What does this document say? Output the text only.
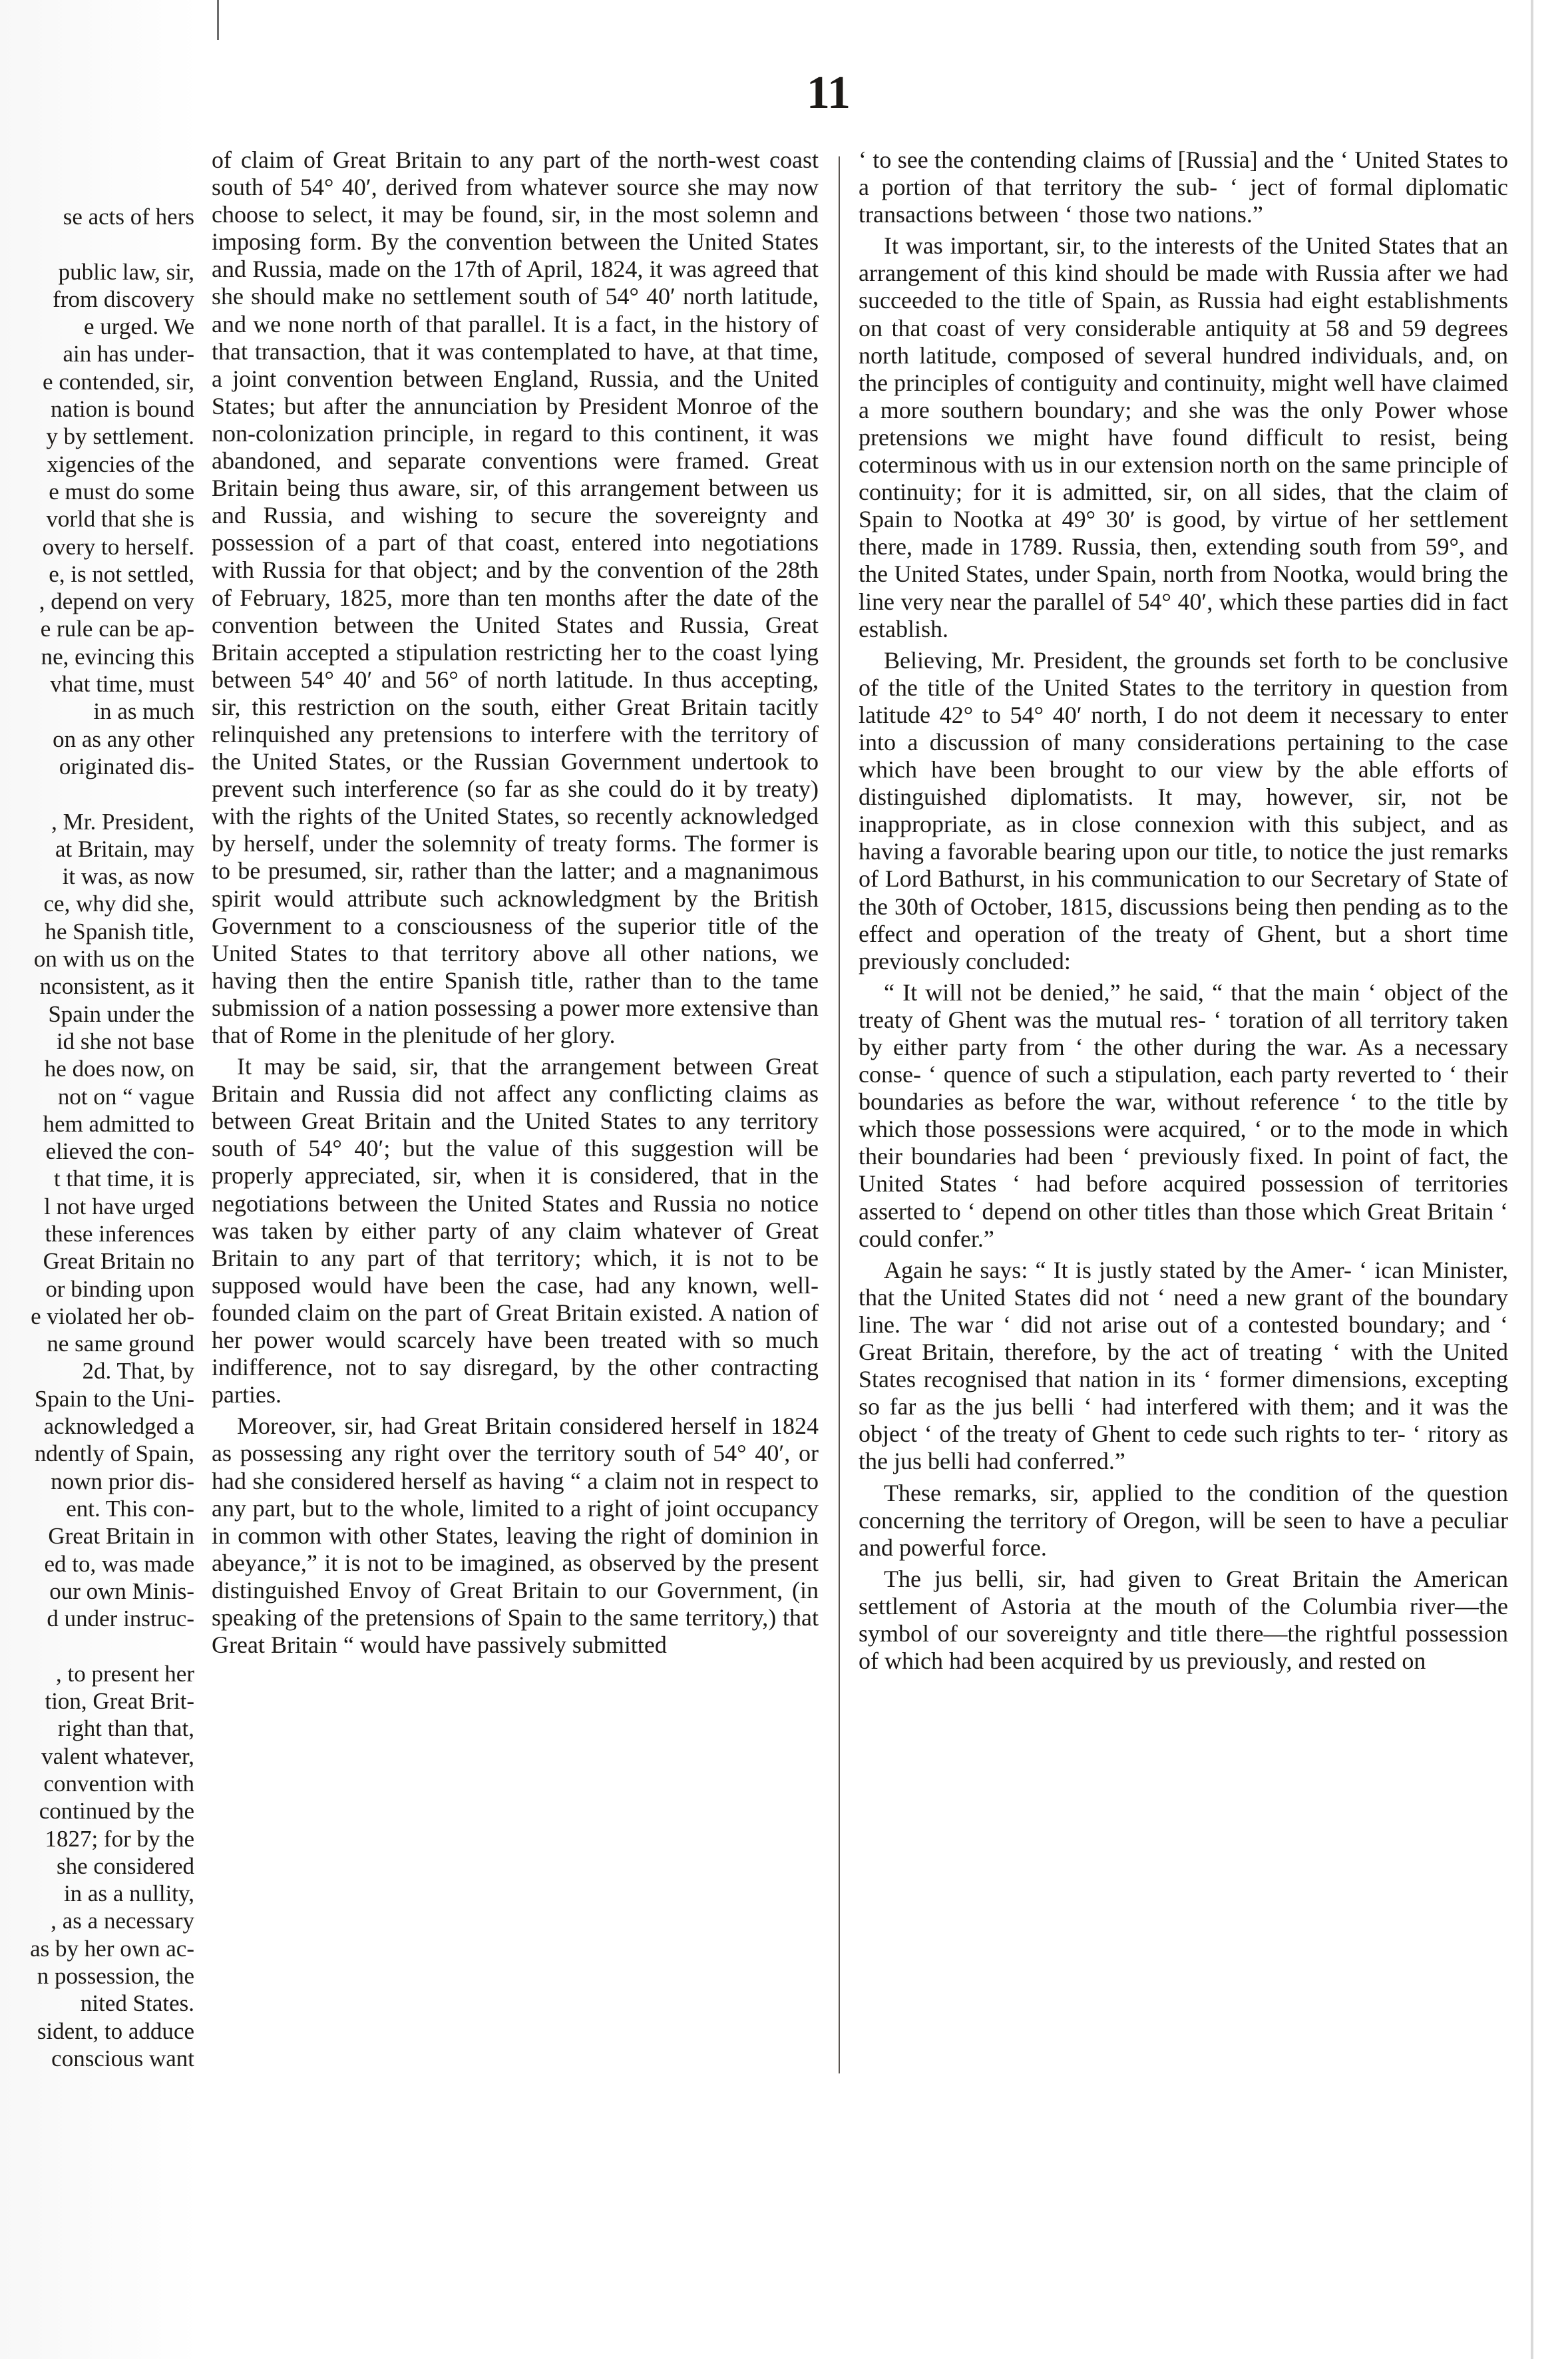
11
se acts of hers

public law, sir,
from discovery
e urged. We
ain has under-
e contended, sir,
nation is bound
y by settlement.
xigencies of the
e must do some
vorld that she is
overy to herself.
e, is not settled,
, depend on very
e rule can be ap-
ne, evincing this
vhat time, must
in as much
on as any other
originated dis-

, Mr. President,
at Britain, may
it was, as now
ce, why did she,
he Spanish title,
on with us on the
nconsistent, as it
Spain under the
id she not base
he does now, on
not on “ vague
hem admitted to
elieved the con-
t that time, it is
l not have urged
these inferences
Great Britain no
or binding upon
e violated her ob-
ne same ground
2d. That, by
Spain to the Uni-
acknowledged a
ndently of Spain,
nown prior dis-
ent. This con-
Great Britain in
ed to, was made
our own Minis-
d under instruc-

, to present her
tion, Great Brit-
right than that,
valent whatever,
convention with
continued by the
1827; for by the
she considered
in as a nullity,
, as a necessary
as by her own ac-
n possession, the
nited States.
sident, to adduce
conscious want

of claim of Great Britain to any part of the north-west coast south of 54° 40′, derived from whatever source she may now choose to select, it may be found, sir, in the most solemn and imposing form. By the convention between the United States and Russia, made on the 17th of April, 1824, it was agreed that she should make no settlement south of 54° 40′ north latitude, and we none north of that parallel. It is a fact, in the history of that transaction, that it was contemplated to have, at that time, a joint convention between England, Russia, and the United States; but after the annunciation by President Monroe of the non-colonization principle, in regard to this continent, it was abandoned, and separate conventions were framed. Great Britain being thus aware, sir, of this arrangement between us and Russia, and wishing to secure the sovereignty and possession of a part of that coast, entered into negotiations with Russia for that object; and by the convention of the 28th of February, 1825, more than ten months after the date of the convention between the United States and Russia, Great Britain accepted a stipulation restricting her to the coast lying between 54° 40′ and 56° of north latitude. In thus accepting, sir, this restriction on the south, either Great Britain tacitly relinquished any pretensions to interfere with the territory of the United States, or the Russian Government undertook to prevent such interference (so far as she could do it by treaty) with the rights of the United States, so recently acknowledged by herself, under the solemnity of treaty forms. The former is to be presumed, sir, rather than the latter; and a magnanimous spirit would attribute such acknowledgment by the British Government to a consciousness of the superior title of the United States to that territory above all other nations, we having then the entire Spanish title, rather than to the tame submission of a nation possessing a power more extensive than that of Rome in the plenitude of her glory.

It may be said, sir, that the arrangement between Great Britain and Russia did not affect any conflicting claims as between Great Britain and the United States to any territory south of 54° 40′; but the value of this suggestion will be properly appreciated, sir, when it is considered, that in the negotiations between the United States and Russia no notice was taken by either party of any claim whatever of Great Britain to any part of that territory; which, it is not to be supposed would have been the case, had any known, well-founded claim on the part of Great Britain existed. A nation of her power would scarcely have been treated with so much indifference, not to say disregard, by the other contracting parties.

Moreover, sir, had Great Britain considered herself in 1824 as possessing any right over the territory south of 54° 40′, or had she considered herself as having “ a claim not in respect to any part, but to the whole, limited to a right of joint occupancy in common with other States, leaving the right of dominion in abeyance,” it is not to be imagined, as observed by the present distinguished Envoy of Great Britain to our Government, (in speaking of the pretensions of Spain to the same territory,) that Great Britain “ would have passively submitted

‘ to see the contending claims of [Russia] and the ‘ United States to a portion of that territory the sub- ‘ ject of formal diplomatic transactions between ‘ those two nations.”

It was important, sir, to the interests of the United States that an arrangement of this kind should be made with Russia after we had succeeded to the title of Spain, as Russia had eight establishments on that coast of very considerable antiquity at 58 and 59 degrees north latitude, composed of several hundred individuals, and, on the principles of contiguity and continuity, might well have claimed a more southern boundary; and she was the only Power whose pretensions we might have found difficult to resist, being coterminous with us in our extension north on the same principle of continuity; for it is admitted, sir, on all sides, that the claim of Spain to Nootka at 49° 30′ is good, by virtue of her settlement there, made in 1789. Russia, then, extending south from 59°, and the United States, under Spain, north from Nootka, would bring the line very near the parallel of 54° 40′, which these parties did in fact establish.

Believing, Mr. President, the grounds set forth to be conclusive of the title of the United States to the territory in question from latitude 42° to 54° 40′ north, I do not deem it necessary to enter into a discussion of many considerations pertaining to the case which have been brought to our view by the able efforts of distinguished diplomatists. It may, however, sir, not be inappropriate, as in close connexion with this subject, and as having a favorable bearing upon our title, to notice the just remarks of Lord Bathurst, in his communication to our Secretary of State of the 30th of October, 1815, discussions being then pending as to the effect and operation of the treaty of Ghent, but a short time previously concluded:

“ It will not be denied,” he said, “ that the main ‘ object of the treaty of Ghent was the mutual res- ‘ toration of all territory taken by either party from ‘ the other during the war. As a necessary conse- ‘ quence of such a stipulation, each party reverted to ‘ their boundaries as before the war, without reference ‘ to the title by which those possessions were acquired, ‘ or to the mode in which their boundaries had been ‘ previously fixed. In point of fact, the United States ‘ had before acquired possession of territories asserted to ‘ depend on other titles than those which Great Britain ‘ could confer.”

Again he says: “ It is justly stated by the Amer- ‘ ican Minister, that the United States did not ‘ need a new grant of the boundary line. The war ‘ did not arise out of a contested boundary; and ‘ Great Britain, therefore, by the act of treating ‘ with the United States recognised that nation in its ‘ former dimensions, excepting so far as the jus belli ‘ had interfered with them; and it was the object ‘ of the treaty of Ghent to cede such rights to ter- ‘ ritory as the jus belli had conferred.”

These remarks, sir, applied to the condition of the question concerning the territory of Oregon, will be seen to have a peculiar and powerful force.

The jus belli, sir, had given to Great Britain the American settlement of Astoria at the mouth of the Columbia river—the symbol of our sovereignty and title there—the rightful possession of which had been acquired by us previously, and rested on
